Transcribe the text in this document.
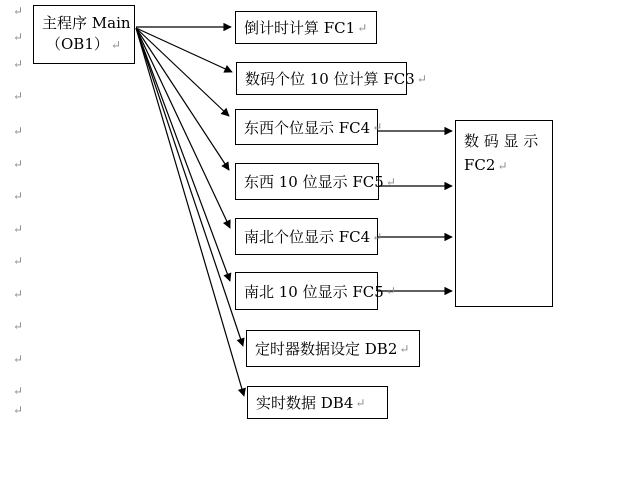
主程序 Main
（OB1） ↵
倒计时计算 FC1 ↵
数码个位 10 位计算 FC3 ↵
东西个位显示 FC4 ↵
东西 10 位显示 FC5 ↵
南北个位显示 FC4 ↵
南北 10 位显示 FC5 ↵
定时器数据设定 DB2 ↵
实时数据 DB4 ↵
数 码 显 示
FC2 ↵
↵
↵
↵
↵
↵
↵
↵
↵
↵
↵
↵
↵
↵
↵
